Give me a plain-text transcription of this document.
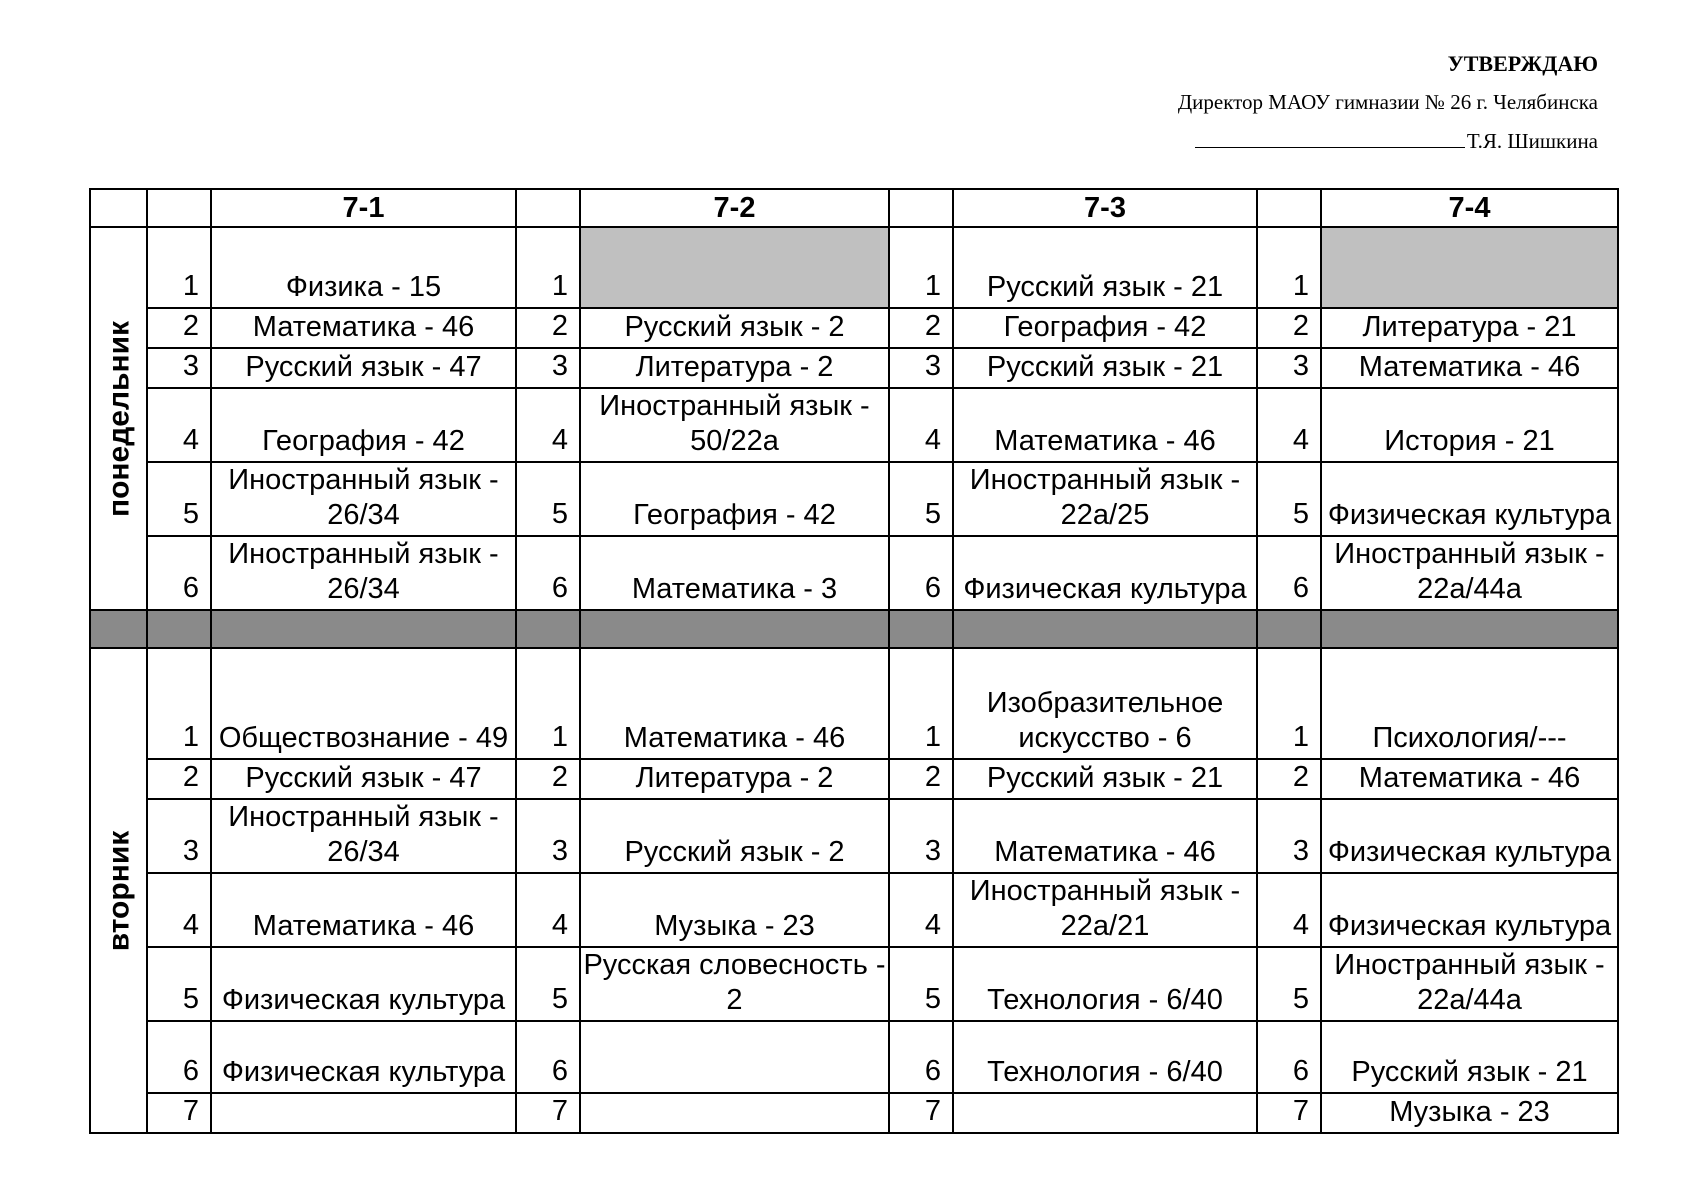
УТВЕРЖДАЮ
Директор МАОУ гимназии № 26 г. Челябинска
Т.Я. Шишкина
		7-1		7-2		7-3		7-4

понедельник	1	Физика - 15	1		1	Русский язык - 21	1	
	2	Математика - 46	2	Русский язык - 2	2	География - 42	2	Литература - 21
	3	Русский язык - 47	3	Литература - 2	3	Русский язык - 21	3	Математика - 46
	4	География - 42	4	Иностранный язык - 50/22а	4	Математика - 46	4	История - 21
	5	Иностранный язык - 26/34	5	География - 42	5	Иностранный язык - 22а/25	5	Физическая культура
	6	Иностранный язык - 26/34	6	Математика - 3	6	Физическая культура	6	Иностранный язык - 22а/44а

вторник	1	Обществознание - 49	1	Математика - 46	1	Изобразительное искусство - 6	1	Психология/---
	2	Русский язык - 47	2	Литература - 2	2	Русский язык - 21	2	Математика - 46
	3	Иностранный язык - 26/34	3	Русский язык - 2	3	Математика - 46	3	Физическая культура
	4	Математика - 46	4	Музыка - 23	4	Иностранный язык - 22а/21	4	Физическая культура
	5	Физическая культура	5	Русская словесность - 2	5	Технология - 6/40	5	Иностранный язык - 22а/44а
	6	Физическая культура	6		6	Технология - 6/40	6	Русский язык - 21
	7		7		7		7	Музыка - 23
